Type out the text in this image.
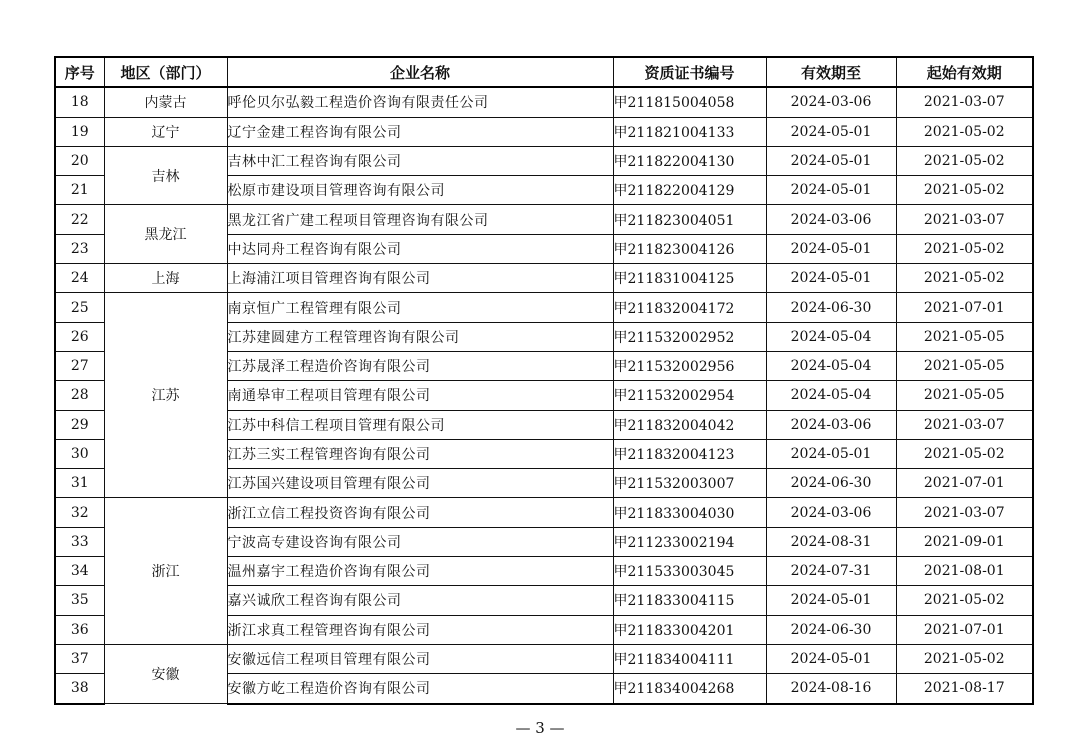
序号	地区（部门）	企业名称	资质证书编号	有效期至	起始有效期
18	内蒙古	呼伦贝尔弘毅工程造价咨询有限责任公司	甲211815004058	2024-03-06	2021-03-07
19	辽宁	辽宁金建工程咨询有限公司	甲211821004133	2024-05-01	2021-05-02
20	吉林	吉林中汇工程咨询有限公司	甲211822004130	2024-05-01	2021-05-02
21		松原市建设项目管理咨询有限公司	甲211822004129	2024-05-01	2021-05-02
22	黑龙江	黑龙江省广建工程项目管理咨询有限公司	甲211823004051	2024-03-06	2021-03-07
23		中达同舟工程咨询有限公司	甲211823004126	2024-05-01	2021-05-02
24	上海	上海浦江项目管理咨询有限公司	甲211831004125	2024-05-01	2021-05-02
25	江苏	南京恒广工程管理有限公司	甲211832004172	2024-06-30	2021-07-01
26		江苏建圆建方工程管理咨询有限公司	甲211532002952	2024-05-04	2021-05-05
27		江苏晟泽工程造价咨询有限公司	甲211532002956	2024-05-04	2021-05-05
28		南通皋审工程项目管理有限公司	甲211532002954	2024-05-04	2021-05-05
29		江苏中科信工程项目管理有限公司	甲211832004042	2024-03-06	2021-03-07
30		江苏三实工程管理咨询有限公司	甲211832004123	2024-05-01	2021-05-02
31		江苏国兴建设项目管理有限公司	甲211532003007	2024-06-30	2021-07-01
32	浙江	浙江立信工程投资咨询有限公司	甲211833004030	2024-03-06	2021-03-07
33		宁波高专建设咨询有限公司	甲211233002194	2024-08-31	2021-09-01
34		温州嘉宇工程造价咨询有限公司	甲211533003045	2024-07-31	2021-08-01
35		嘉兴诚欣工程咨询有限公司	甲211833004115	2024-05-01	2021-05-02
36		浙江求真工程管理咨询有限公司	甲211833004201	2024-06-30	2021-07-01
37	安徽	安徽远信工程项目管理有限公司	甲211834004111	2024-05-01	2021-05-02
38		安徽方屹工程造价咨询有限公司	甲211834004268	2024-08-16	2021-08-17
— 3 —
